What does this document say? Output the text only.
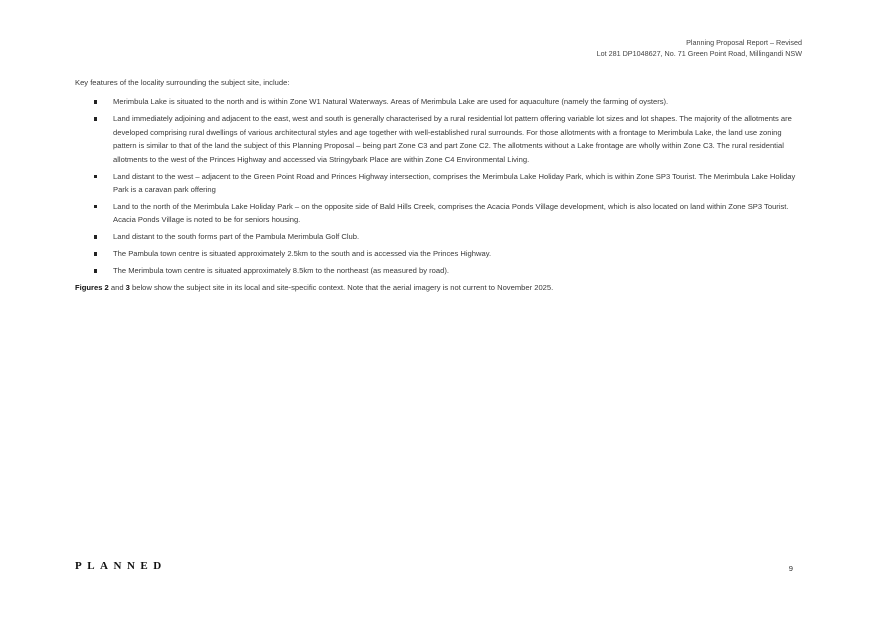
Planning Proposal Report – Revised
Lot 281 DP1048627, No. 71 Green Point Road, Millingandi NSW

Key features of the locality surrounding the subject site, include:

Merimbula Lake is situated to the north and is within Zone W1 Natural Waterways. Areas of Merimbula Lake are used for aquaculture (namely the farming of oysters).
Land immediately adjoining and adjacent to the east, west and south is generally characterised by a rural residential lot pattern offering variable lot sizes and lot shapes. The majority of the allotments are developed comprising rural dwellings of various architectural styles and age together with well-established rural surrounds. For those allotments with a frontage to Merimbula Lake, the land use zoning pattern is similar to that of the land the subject of this Planning Proposal – being part Zone C3 and part Zone C2. The allotments without a Lake frontage are wholly within Zone C3. The rural residential allotments to the west of the Princes Highway and accessed via Stringybark Place are within Zone C4 Environmental Living.
Land distant to the west – adjacent to the Green Point Road and Princes Highway intersection, comprises the Merimbula Lake Holiday Park, which is within Zone SP3 Tourist. The Merimbula Lake Holiday Park is a caravan park offering
Land to the north of the Merimbula Lake Holiday Park – on the opposite side of Bald Hills Creek, comprises the Acacia Ponds Village development, which is also located on land within Zone SP3 Tourist. Acacia Ponds Village is noted to be for seniors housing.
Land distant to the south forms part of the Pambula Merimbula Golf Club.
The Pambula town centre is situated approximately 2.5km to the south and is accessed via the Princes Highway.
The Merimbula town centre is situated approximately 8.5km to the northeast (as measured by road).

Figures 2 and 3 below show the subject site in its local and site-specific context. Note that the aerial imagery is not current to November 2025.

PLANNED	9
